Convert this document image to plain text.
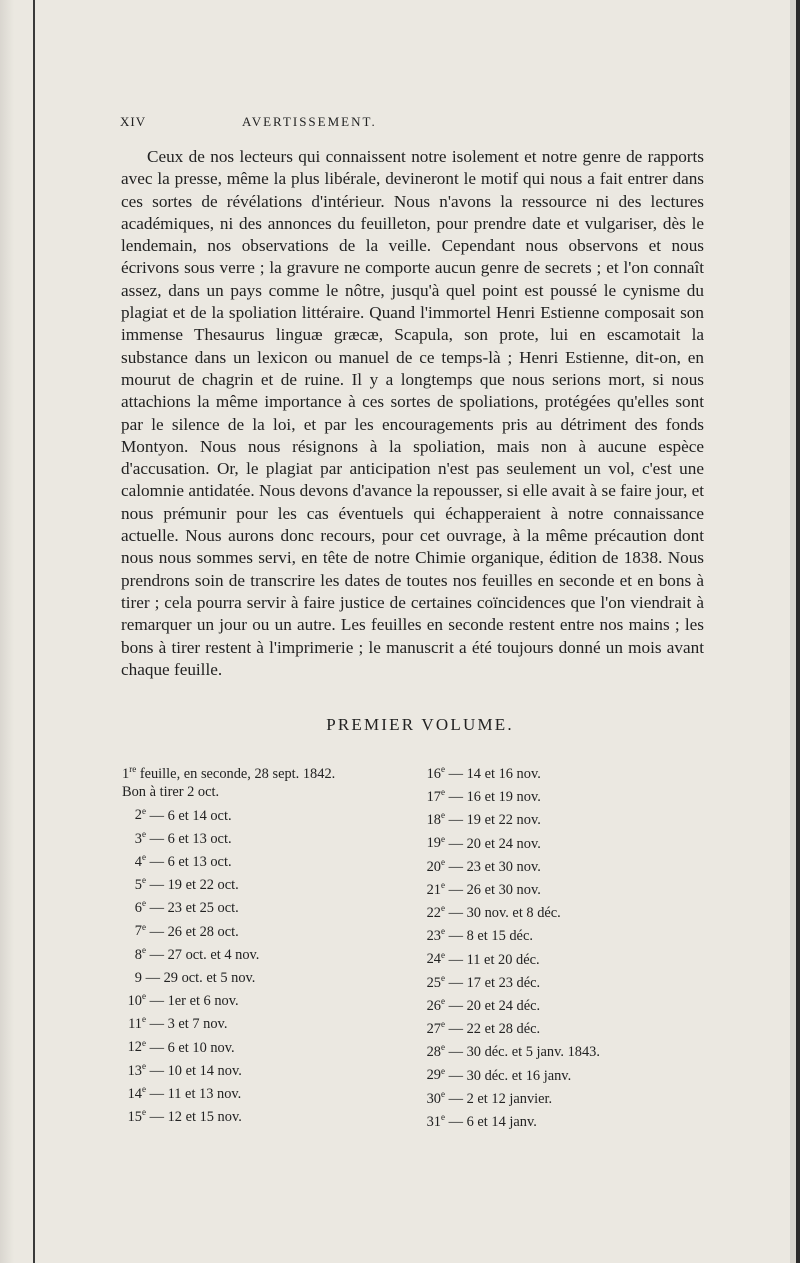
XIV	AVERTISSEMENT.

Ceux de nos lecteurs qui connaissent notre isolement et notre genre de rapports avec la presse, même la plus libérale, devineront le motif qui nous a fait entrer dans ces sortes de révélations d'intérieur. Nous n'avons la ressource ni des lectures académiques, ni des annonces du feuilleton, pour prendre date et vulgariser, dès le lendemain, nos observations de la veille. Cependant nous observons et nous écrivons sous verre ; la gravure ne comporte aucun genre de secrets ; et l'on connaît assez, dans un pays comme le nôtre, jusqu'à quel point est poussé le cynisme du plagiat et de la spoliation littéraire. Quand l'immortel Henri Estienne composait son immense Thesaurus linguæ græcæ, Scapula, son prote, lui en escamotait la substance dans un lexicon ou manuel de ce temps-là ; Henri Estienne, dit-on, en mourut de chagrin et de ruine. Il y a longtemps que nous serions mort, si nous attachions la même importance à ces sortes de spoliations, protégées qu'elles sont par le silence de la loi, et par les encouragements pris au détriment des fonds Montyon. Nous nous résignons à la spoliation, mais non à aucune espèce d'accusation. Or, le plagiat par anticipation n'est pas seulement un vol, c'est une calomnie antidatée. Nous devons d'avance la repousser, si elle avait à se faire jour, et nous prémunir pour les cas éventuels qui échapperaient à notre connaissance actuelle. Nous aurons donc recours, pour cet ouvrage, à la même précaution dont nous nous sommes servi, en tête de notre Chimie organique, édition de 1838. Nous prendrons soin de transcrire les dates de toutes nos feuilles en seconde et en bons à tirer ; cela pourra servir à faire justice de certaines coïncidences que l'on viendrait à remarquer un jour ou un autre. Les feuilles en seconde restent entre nos mains ; les bons à tirer restent à l'imprimerie ; le manuscrit a été toujours donné un mois avant chaque feuille.

PREMIER VOLUME.
1re feuille, en seconde, 28 sept. 1842.
Bon à tirer 2 oct.
2e — 6 et 14 oct.
3e — 6 et 13 oct.
4e — 6 et 13 oct.
5e — 19 et 22 oct.
6e — 23 et 25 oct.
7e — 26 et 28 oct.
8e — 27 oct. et 4 nov.
9 — 29 oct. et 5 nov.
10e — 1er et 6 nov.
11e — 3 et 7 nov.
12e — 6 et 10 nov.
13e — 10 et 14 nov.
14e — 11 et 13 nov.
15e — 12 et 15 nov.
16e — 14 et 16 nov.
17e — 16 et 19 nov.
18e — 19 et 22 nov.
19e — 20 et 24 nov.
20e — 23 et 30 nov.
21e — 26 et 30 nov.
22e — 30 nov. et 8 déc.
23e — 8 et 15 déc.
24e — 11 et 20 déc.
25e — 17 et 23 déc.
26e — 20 et 24 déc.
27e — 22 et 28 déc.
28e — 30 déc. et 5 janv. 1843.
29e — 30 déc. et 16 janv.
30e — 2 et 12 janvier.
31e — 6 et 14 janv.
